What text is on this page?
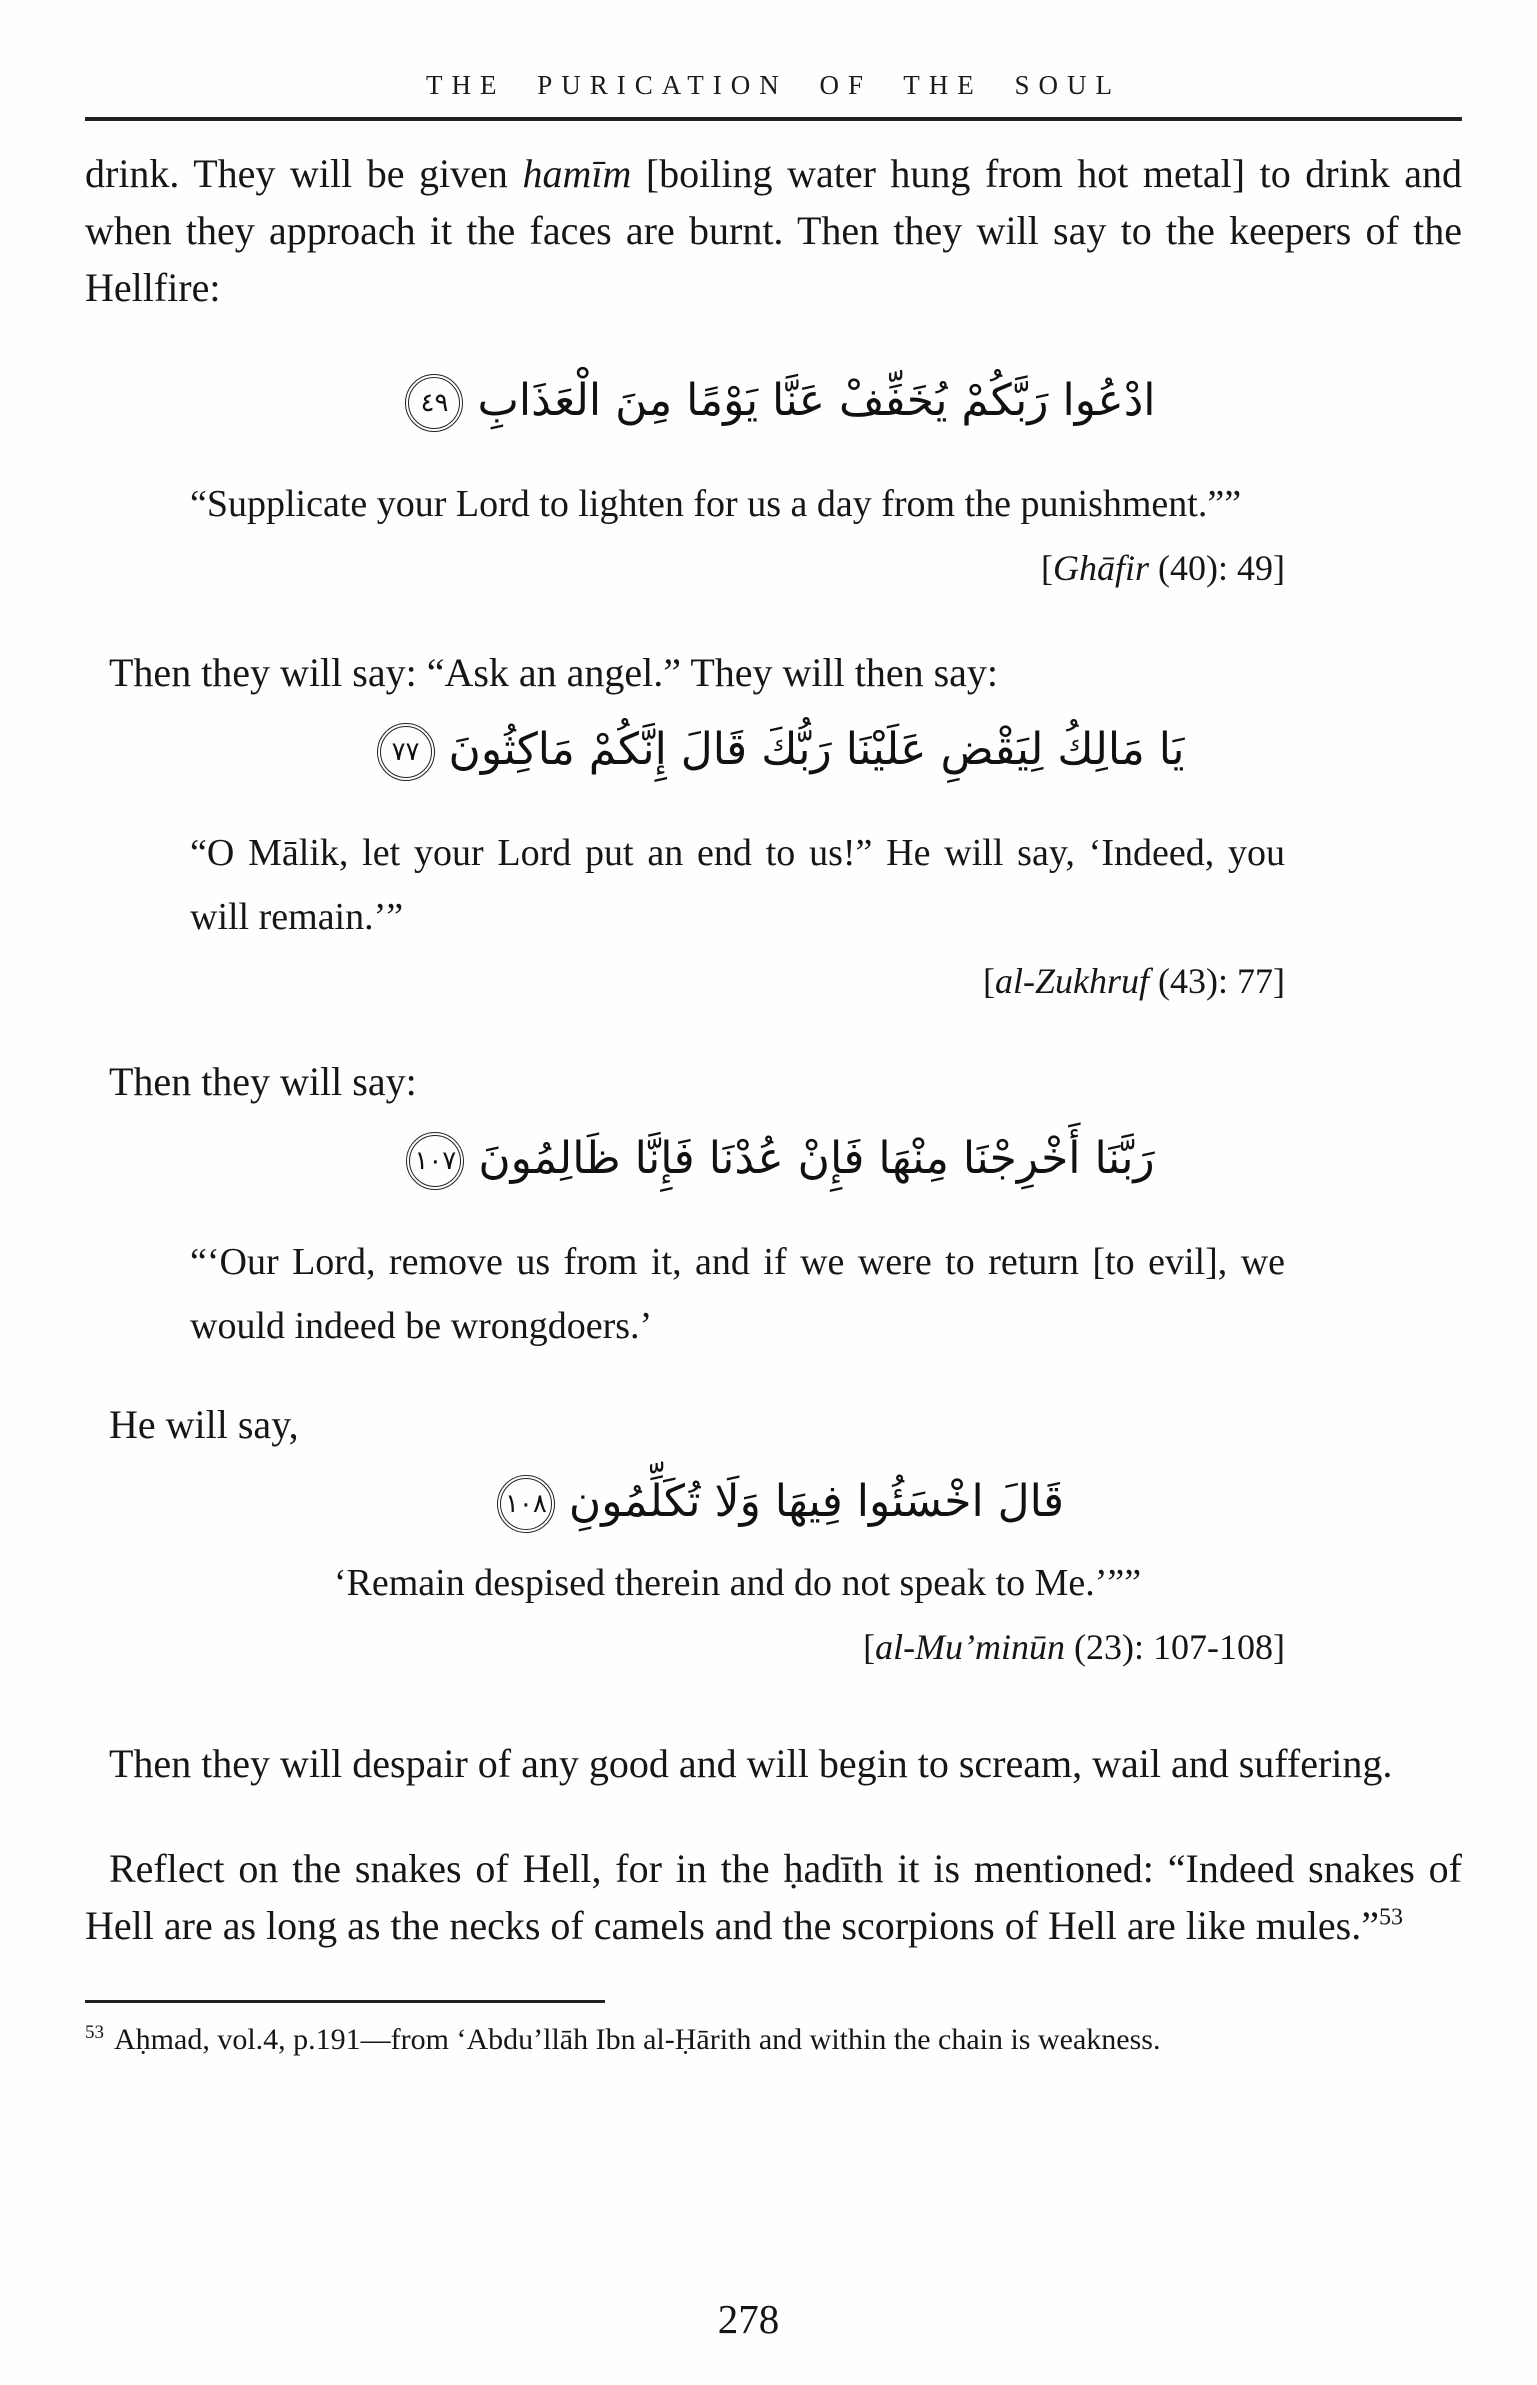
THE PURICATION OF THE SOUL

drink. They will be given hamīm [boiling water hung from hot metal] to drink and when they approach it the faces are burnt. Then they will say to the keepers of the Hellfire:

ادْعُوا رَبَّكُمْ يُخَفِّفْ عَنَّا يَوْمًا مِنَ الْعَذَابِ٤٩

“Supplicate your Lord to lighten for us a day from the punishment.””

[Ghāfir (40): 49]

Then they will say: “Ask an angel.” They will then say:

يَا مَالِكُ لِيَقْضِ عَلَيْنَا رَبُّكَ قَالَ إِنَّكُمْ مَاكِثُونَ٧٧

“O Mālik, let your Lord put an end to us!” He will say, ‘Indeed, you will remain.’”

[al-Zukhruf (43): 77]

Then they will say:

رَبَّنَا أَخْرِجْنَا مِنْهَا فَإِنْ عُدْنَا فَإِنَّا ظَالِمُونَ١٠٧

“‘Our Lord, remove us from it, and if we were to return [to evil], we would indeed be wrongdoers.’

He will say,

قَالَ اخْسَئُوا فِيهَا وَلَا تُكَلِّمُونِ١٠٨

‘Remain despised therein and do not speak to Me.’””

[al-Mu’minūn (23): 107-108]

Then they will despair of any good and will begin to scream, wail and suffering.

Reflect on the snakes of Hell, for in the ḥadīth it is mentioned: “Indeed snakes of Hell are as long as the necks of camels and the scorpions of Hell are like mules.”$^{53}$

$^{53}$ Aḥmad, vol.4, p.191—from ‘Abdu’llāh Ibn al-Ḥārith and within the chain is weakness.

278
